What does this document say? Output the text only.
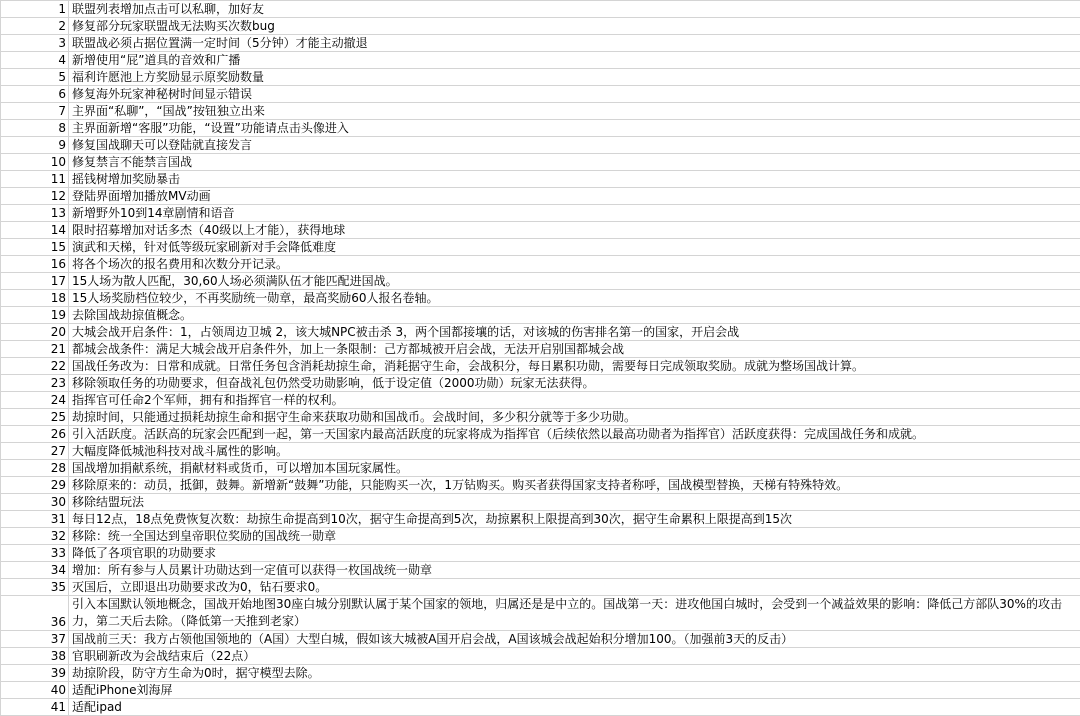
1	联盟列表增加点击可以私聊，加好友
2	修复部分玩家联盟战无法购买次数bug
3	联盟战必须占据位置满一定时间（5分钟）才能主动撤退
4	新增使用“屁”道具的音效和广播
5	福利许愿池上方奖励显示原奖励数量
6	修复海外玩家神秘树时间显示错误
7	主界面“私聊”，“国战”按钮独立出来
8	主界面新增“客服”功能，“设置”功能请点击头像进入
9	修复国战聊天可以登陆就直接发言
10	修复禁言不能禁言国战
11	摇钱树增加奖励暴击
12	登陆界面增加播放MV动画
13	新增野外10到14章剧情和语音
14	限时招募增加对话多杰（40级以上才能），获得地球
15	演武和天梯，针对低等级玩家刷新对手会降低难度
16	将各个场次的报名费用和次数分开记录。
17	15人场为散人匹配，30,60人场必须满队伍才能匹配进国战。
18	15人场奖励档位较少，不再奖励统一勋章，最高奖励60人报名卷轴。
19	去除国战劫掠值概念。
20	大城会战开启条件：1，占领周边卫城 2，该大城NPC被击杀 3，两个国都接壤的话，对该城的伤害排名第一的国家，开启会战
21	都城会战条件：满足大城会战开启条件外，加上一条限制：己方都城被开启会战，无法开启别国都城会战
22	国战任务改为：日常和成就。日常任务包含消耗劫掠生命，消耗据守生命，会战积分，每日累积功勋，需要每日完成领取奖励。成就为整场国战计算。
23	移除领取任务的功勋要求，但奋战礼包仍然受功勋影响，低于设定值（2000功勋）玩家无法获得。
24	指挥官可任命2个军师，拥有和指挥官一样的权利。
25	劫掠时间，只能通过损耗劫掠生命和据守生命来获取功勋和国战币。会战时间，多少积分就等于多少功勋。
26	引入活跃度。活跃高的玩家会匹配到一起，第一天国家内最高活跃度的玩家将成为指挥官（后续依然以最高功勋者为指挥官）活跃度获得：完成国战任务和成就。
27	大幅度降低城池科技对战斗属性的影响。
28	国战增加捐献系统，捐献材料或货币，可以增加本国玩家属性。
29	移除原来的：动员，抵御，鼓舞。新增新“鼓舞”功能，只能购买一次，1万钻购买。购买者获得国家支持者称呼，国战模型替换，天梯有特殊特效。
30	移除结盟玩法
31	每日12点，18点免费恢复次数：劫掠生命提高到10次，据守生命提高到5次，劫掠累积上限提高到30次，据守生命累积上限提高到15次
32	移除：统一全国达到皇帝职位奖励的国战统一勋章
33	降低了各项官职的功勋要求
34	增加：所有参与人员累计功勋达到一定值可以获得一枚国战统一勋章
35	灭国后，立即退出功勋要求改为0，钻石要求0。
36	引入本国默认领地概念，国战开始地图30座白城分别默认属于某个国家的领地，归属还是是中立的。国战第一天：进攻他国白城时，会受到一个减益效果的影响：降低己方部队30%的攻击力，第二天后去除。（降低第一天推到老家）
37	国战前三天：我方占领他国领地的（A国）大型白城，假如该大城被A国开启会战，A国该城会战起始积分增加100。（加强前3天的反击）
38	官职刷新改为会战结束后（22点）
39	劫掠阶段，防守方生命为0时，据守模型去除。
40	适配iPhone刘海屏
41	适配ipad
